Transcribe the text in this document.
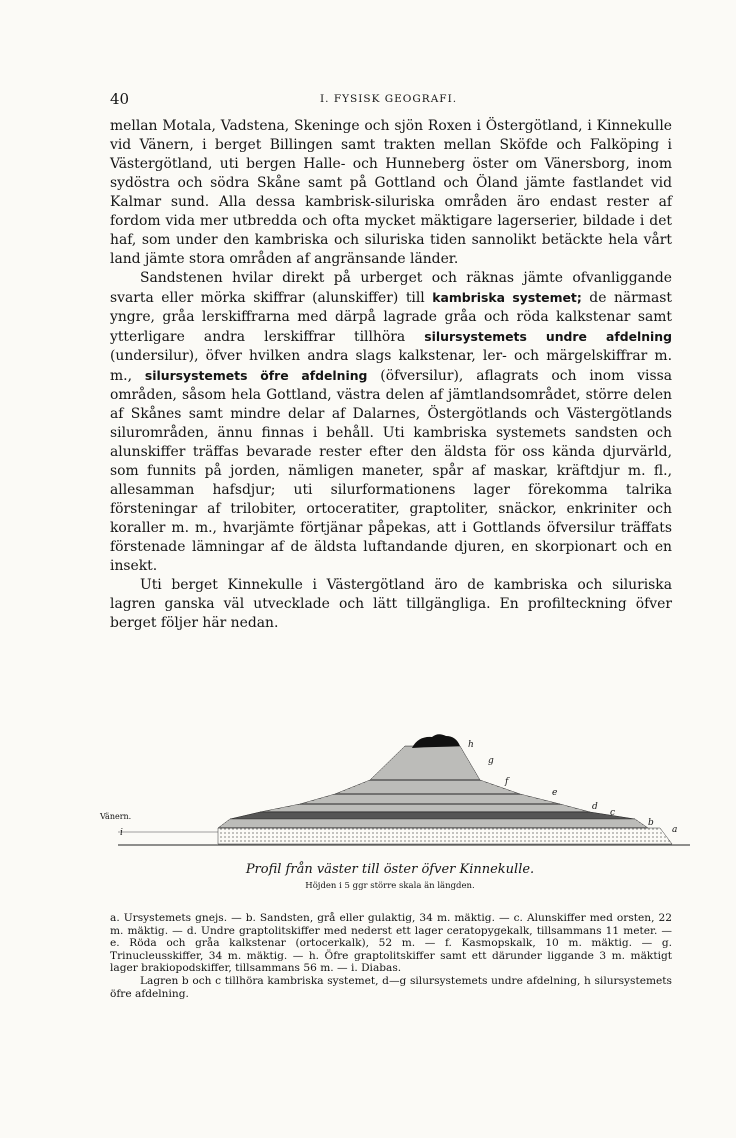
40	I. FYSISK GEOGRAFI.

mellan Motala, Vadstena, Skeninge och sjön Roxen i Östergötland, i Kinnekulle vid Vänern, i berget Billingen samt trakten mellan Sköfde och Falköping i Västergötland, uti bergen Halle- och Hunneberg öster om Vänersborg, inom sydöstra och södra Skåne samt på Gottland och Öland jämte fastlandet vid Kalmar sund. Alla dessa kambrisk-siluriska områden äro endast rester af fordom vida mer utbredda och ofta mycket mäktigare lagerserier, bildade i det haf, som under den kambriska och siluriska tiden sannolikt betäckte hela vårt land jämte stora områden af angränsande länder.

Sandstenen hvilar direkt på urberget och räknas jämte ofvanliggande svarta eller mörka skiffrar (alunskiffer) till kambriska systemet; de närmast yngre, gråa lerskiffrarna med därpå lagrade gråa och röda kalkstenar samt ytterligare andra lerskiffrar tillhöra silursystemets undre afdelning (undersilur), öfver hvilken andra slags kalkstenar, ler- och märgelskiffrar m. m., silursystemets öfre afdelning (öfversilur), aflagrats och inom vissa områden, såsom hela Gottland, västra delen af jämtlandsområdet, större delen af Skånes samt mindre delar af Dalarnes, Östergötlands och Västergötlands silurområden, ännu finnas i behåll. Uti kambriska systemets sandsten och alunskiffer träffas bevarade rester efter den äldsta för oss kända djurvärld, som funnits på jorden, nämligen maneter, spår af maskar, kräftdjur m. fl., allesamman hafsdjur; uti silurformationens lager förekomma talrika försteningar af trilobiter, ortoceratiter, graptoliter, snäckor, enkriniter och koraller m. m., hvarjämte förtjänar påpekas, att i Gottlands öfversilur träffats förstenade lämningar af de äldsta luftandande djuren, en skorpionart och en insekt.

Uti berget Kinnekulle i Västergötland äro de kambriska och siluriska lagren ganska väl utvecklade och lätt tillgängliga. En profilteckning öfver berget följer här nedan.

Vänern.
a
b
c
d
e
f
g
h
i

Profil från väster till öster öfver Kinnekulle.

Höjden i 5 ggr större skala än längden.

a. Ursystemets gnejs. — b. Sandsten, grå eller gulaktig, 34 m. mäktig. — c. Alunskiffer med orsten, 22 m. mäktig. — d. Undre graptolitskiffer med nederst ett lager ceratopygekalk, tillsammans 11 meter. — e. Röda och gråa kalkstenar (ortocerkalk), 52 m. — f. Kasmopskalk, 10 m. mäktig. — g. Trinucleusskiffer, 34 m. mäktig. — h. Öfre graptolitskiffer samt ett därunder liggande 3 m. mäktigt lager brakiopodskiffer, tillsammans 56 m. — i. Diabas.

Lagren b och c tillhöra kambriska systemet, d—g silursystemets undre afdelning, h silursystemets öfre afdelning.
